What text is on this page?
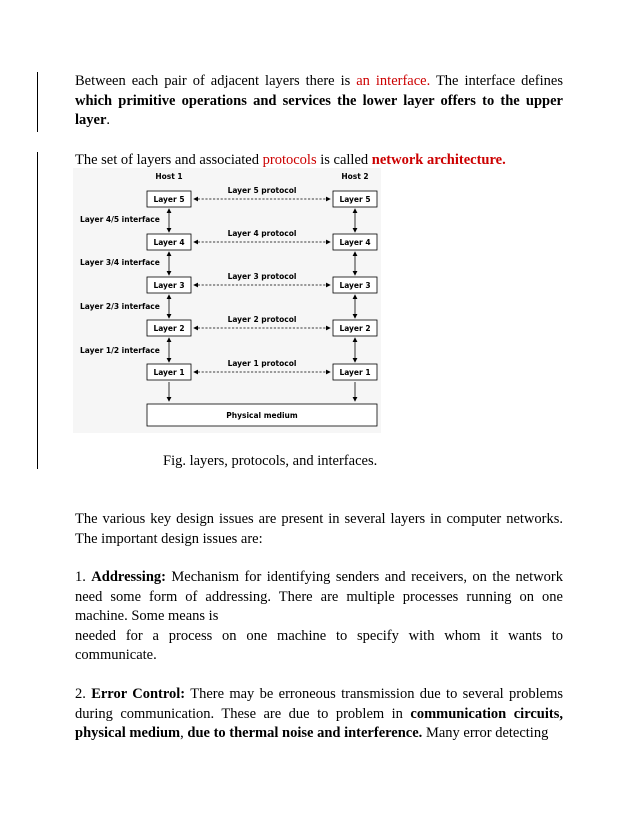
Between each pair of adjacent layers there is an interface. The interface defines which primitive operations and services the lower layer offers to the upper layer.

The set of layers and associated protocols is called network architecture.

Host 1	Host 2
Layer 5	Layer 5
Layer 5 protocol
Layer 4/5 interface
Layer 4	Layer 4
Layer 4 protocol
Layer 3/4 interface
Layer 3	Layer 3
Layer 3 protocol
Layer 2/3 interface
Layer 2	Layer 2
Layer 2 protocol
Layer 1/2 interface
Layer 1	Layer 1
Layer 1 protocol
Physical medium
Fig. layers, protocols, and interfaces.

The various key design issues are present in several layers in computer networks. The important design issues are:

1. Addressing: Mechanism for identifying senders and receivers, on the network need some form of addressing. There are multiple processes running on one machine. Some means is

needed for a process on one machine to specify with whom it wants to communicate.

2. Error Control: There may be erroneous transmission due to several problems during communication. These are due to problem in communication circuits, physical medium, due to thermal noise and interference. Many error detecting
